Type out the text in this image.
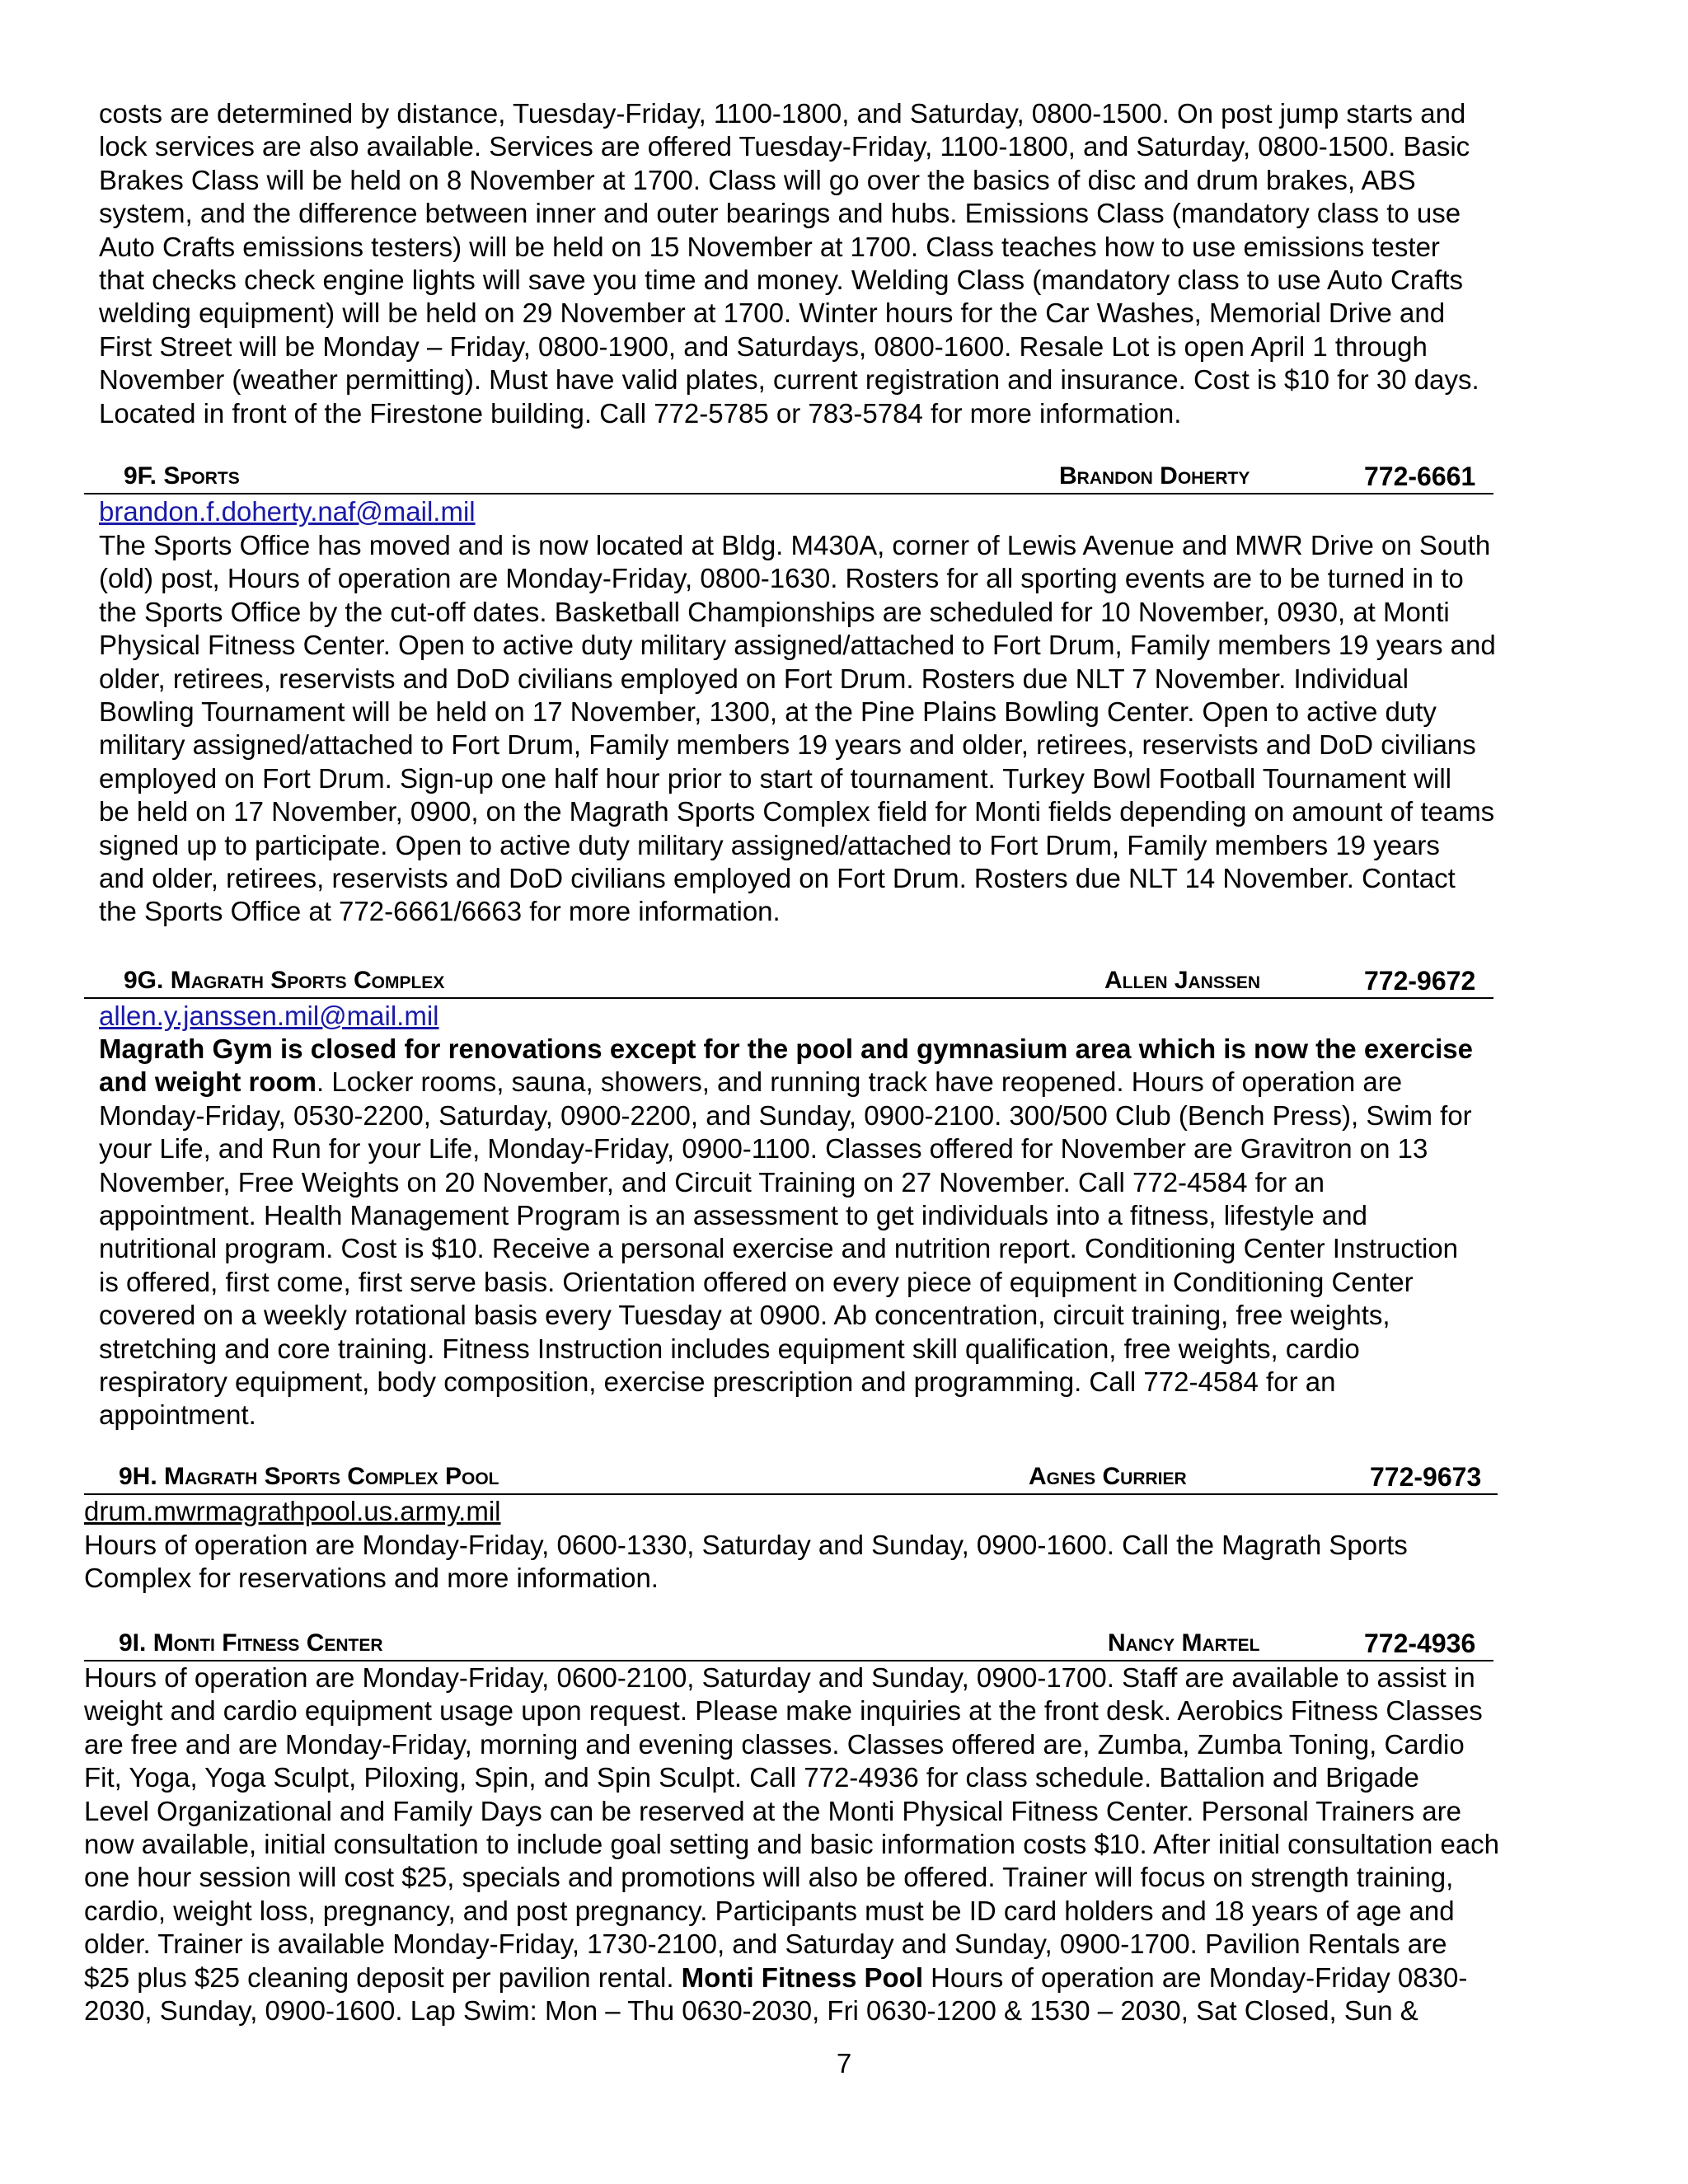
costs are determined by distance, Tuesday-Friday, 1100-1800, and Saturday, 0800-1500. On post jump starts and
lock services are also available. Services are offered Tuesday-Friday, 1100-1800, and Saturday, 0800-1500. Basic
Brakes Class will be held on 8 November at 1700. Class will go over the basics of disc and drum brakes, ABS
system, and the difference between inner and outer bearings and hubs. Emissions Class (mandatory class to use
Auto Crafts emissions testers) will be held on 15 November at 1700. Class teaches how to use emissions tester
that checks check engine lights will save you time and money. Welding Class (mandatory class to use Auto Crafts
welding equipment) will be held on 29 November at 1700. Winter hours for the Car Washes, Memorial Drive and
First Street will be Monday – Friday, 0800-1900, and Saturdays, 0800-1600. Resale Lot is open April 1 through
November (weather permitting). Must have valid plates, current registration and insurance. Cost is $10 for 30 days.
Located in front of the Firestone building. Call 772-5785 or 783-5784 for more information.

9F. Sports	Brandon Doherty	772-6661
brandon.f.doherty.naf@mail.mil

The Sports Office has moved and is now located at Bldg. M430A, corner of Lewis Avenue and MWR Drive on South
(old) post, Hours of operation are Monday-Friday, 0800-1630. Rosters for all sporting events are to be turned in to
the Sports Office by the cut-off dates. Basketball Championships are scheduled for 10 November, 0930, at Monti
Physical Fitness Center. Open to active duty military assigned/attached to Fort Drum, Family members 19 years and
older, retirees, reservists and DoD civilians employed on Fort Drum. Rosters due NLT 7 November. Individual
Bowling Tournament will be held on 17 November, 1300, at the Pine Plains Bowling Center. Open to active duty
military assigned/attached to Fort Drum, Family members 19 years and older, retirees, reservists and DoD civilians
employed on Fort Drum. Sign-up one half hour prior to start of tournament. Turkey Bowl Football Tournament will
be held on 17 November, 0900, on the Magrath Sports Complex field for Monti fields depending on amount of teams
signed up to participate. Open to active duty military assigned/attached to Fort Drum, Family members 19 years
and older, retirees, reservists and DoD civilians employed on Fort Drum. Rosters due NLT 14 November. Contact
the Sports Office at 772-6661/6663 for more information.

9G. Magrath Sports Complex	Allen Janssen	772-9672
allen.y.janssen.mil@mail.mil

Magrath Gym is closed for renovations except for the pool and gymnasium area which is now the exercise
and weight room. Locker rooms, sauna, showers, and running track have reopened. Hours of operation are
Monday-Friday, 0530-2200, Saturday, 0900-2200, and Sunday, 0900-2100. 300/500 Club (Bench Press), Swim for
your Life, and Run for your Life, Monday-Friday, 0900-1100. Classes offered for November are Gravitron on 13
November, Free Weights on 20 November, and Circuit Training on 27 November. Call 772-4584 for an
appointment. Health Management Program is an assessment to get individuals into a fitness, lifestyle and
nutritional program. Cost is $10. Receive a personal exercise and nutrition report. Conditioning Center Instruction
is offered, first come, first serve basis. Orientation offered on every piece of equipment in Conditioning Center
covered on a weekly rotational basis every Tuesday at 0900. Ab concentration, circuit training, free weights,
stretching and core training. Fitness Instruction includes equipment skill qualification, free weights, cardio
respiratory equipment, body composition, exercise prescription and programming. Call 772-4584 for an
appointment.

9H. Magrath Sports Complex Pool	Agnes Currier	772-9673
drum.mwrmagrathpool.us.army.mil

Hours of operation are Monday-Friday, 0600-1330, Saturday and Sunday, 0900-1600. Call the Magrath Sports
Complex for reservations and more information.

9I. Monti Fitness Center	Nancy Martel	772-4936

Hours of operation are Monday-Friday, 0600-2100, Saturday and Sunday, 0900-1700. Staff are available to assist in
weight and cardio equipment usage upon request. Please make inquiries at the front desk. Aerobics Fitness Classes
are free and are Monday-Friday, morning and evening classes. Classes offered are, Zumba, Zumba Toning, Cardio
Fit, Yoga, Yoga Sculpt, Piloxing, Spin, and Spin Sculpt. Call 772-4936 for class schedule. Battalion and Brigade
Level Organizational and Family Days can be reserved at the Monti Physical Fitness Center. Personal Trainers are
now available, initial consultation to include goal setting and basic information costs $10. After initial consultation each
one hour session will cost $25, specials and promotions will also be offered. Trainer will focus on strength training,
cardio, weight loss, pregnancy, and post pregnancy. Participants must be ID card holders and 18 years of age and
older. Trainer is available Monday-Friday, 1730-2100, and Saturday and Sunday, 0900-1700. Pavilion Rentals are
$25 plus $25 cleaning deposit per pavilion rental. Monti Fitness Pool Hours of operation are Monday-Friday 0830-
2030, Sunday, 0900-1600. Lap Swim: Mon – Thu 0630-2030, Fri 0630-1200 & 1530 – 2030, Sat Closed, Sun &

7
